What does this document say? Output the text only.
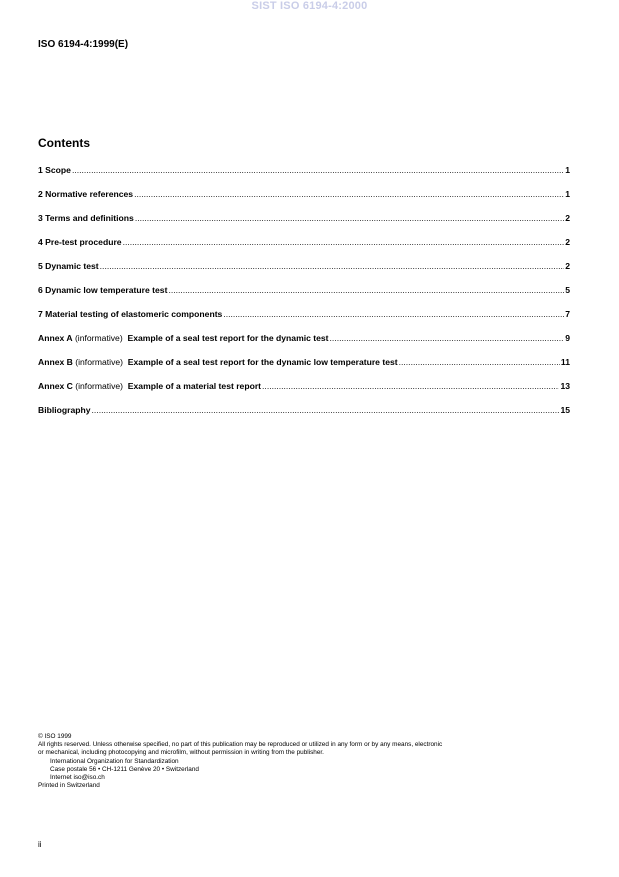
SIST ISO 6194-4:2000
ISO 6194-4:1999(E)
Contents
1 Scope .....	1
2 Normative references .....	1
3 Terms and definitions .....	2
4 Pre-test procedure .....	2
5 Dynamic test .....	2
6 Dynamic low temperature test .....	5
7 Material testing of elastomeric components .....	7
Annex A (informative) Example of a seal test report for the dynamic test .....	9
Annex B (informative) Example of a seal test report for the dynamic low temperature test .....	11
Annex C (informative) Example of a material test report .....	13
Bibliography .....	15
© ISO 1999
All rights reserved. Unless otherwise specified, no part of this publication may be reproduced or utilized in any form or by any means, electronic
or mechanical, including photocopying and microfilm, without permission in writing from the publisher.
International Organization for Standardization
Case postale 56 • CH-1211 Genève 20 • Switzerland
Internet iso@iso.ch
Printed in Switzerland
ii
